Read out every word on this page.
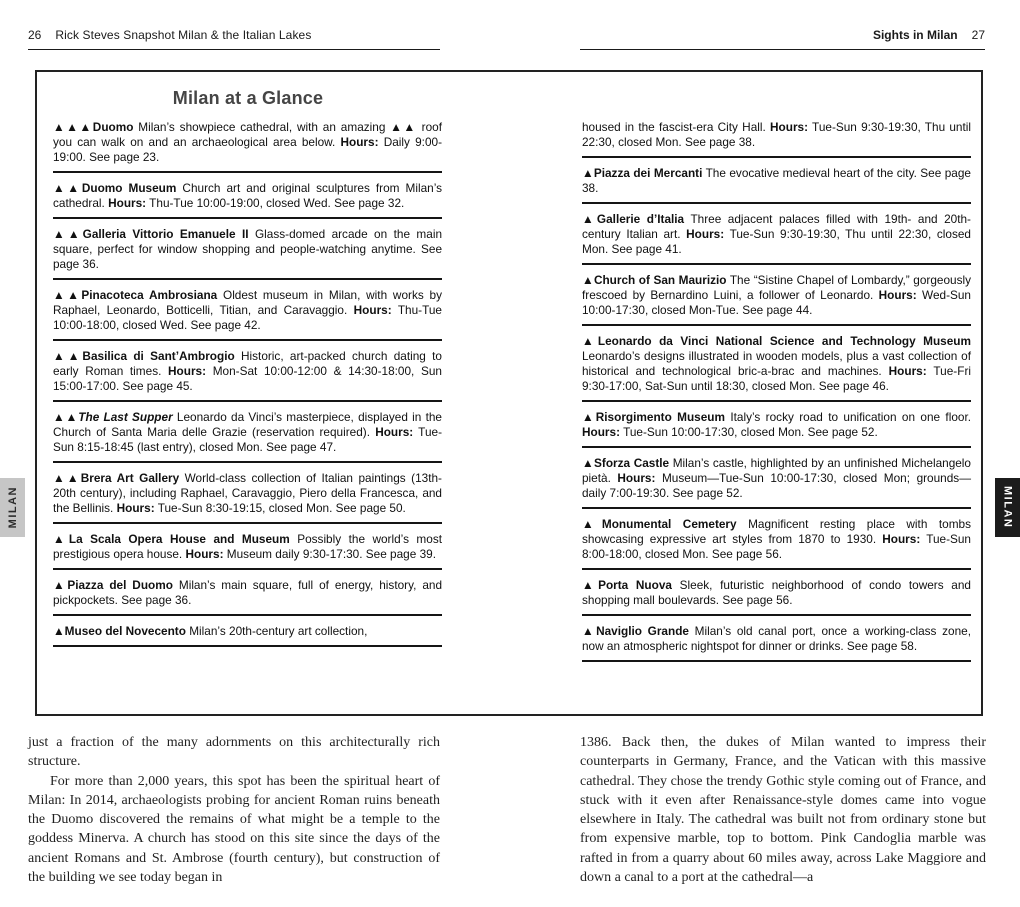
26 Rick Steves Snapshot Milan & the Italian Lakes	Sights in Milan 27
Milan at a Glance
▲▲▲Duomo Milan’s showpiece cathedral, with an amazing ▲▲ roof you can walk on and an archaeological area below. Hours: Daily 9:00-19:00. See page 23.
▲▲Duomo Museum Church art and original sculptures from Milan’s cathedral. Hours: Thu-Tue 10:00-19:00, closed Wed. See page 32.
▲▲Galleria Vittorio Emanuele II Glass-domed arcade on the main square, perfect for window shopping and people-watching anytime. See page 36.
▲▲Pinacoteca Ambrosiana Oldest museum in Milan, with works by Raphael, Leonardo, Botticelli, Titian, and Caravaggio. Hours: Thu-Tue 10:00-18:00, closed Wed. See page 42.
▲▲Basilica di Sant’Ambrogio Historic, art-packed church dating to early Roman times. Hours: Mon-Sat 10:00-12:00 & 14:30-18:00, Sun 15:00-17:00. See page 45.
▲▲The Last Supper Leonardo da Vinci’s masterpiece, displayed in the Church of Santa Maria delle Grazie (reservation required). Hours: Tue-Sun 8:15-18:45 (last entry), closed Mon. See page 47.
▲▲Brera Art Gallery World-class collection of Italian paintings (13th-20th century), including Raphael, Caravaggio, Piero della Francesca, and the Bellinis. Hours: Tue-Sun 8:30-19:15, closed Mon. See page 50.
▲La Scala Opera House and Museum Possibly the world’s most prestigious opera house. Hours: Museum daily 9:30-17:30. See page 39.
▲Piazza del Duomo Milan’s main square, full of energy, history, and pickpockets. See page 36.
▲Museo del Novecento Milan’s 20th-century art collection,
housed in the fascist-era City Hall. Hours: Tue-Sun 9:30-19:30, Thu until 22:30, closed Mon. See page 38.
▲Piazza dei Mercanti The evocative medieval heart of the city. See page 38.
▲Gallerie d’Italia Three adjacent palaces filled with 19th- and 20th-century Italian art. Hours: Tue-Sun 9:30-19:30, Thu until 22:30, closed Mon. See page 41.
▲Church of San Maurizio The “Sistine Chapel of Lombardy,” gorgeously frescoed by Bernardino Luini, a follower of Leonardo. Hours: Wed-Sun 10:00-17:30, closed Mon-Tue. See page 44.
▲Leonardo da Vinci National Science and Technology Museum Leonardo’s designs illustrated in wooden models, plus a vast collection of historical and technological bric-a-brac and machines. Hours: Tue-Fri 9:30-17:00, Sat-Sun until 18:30, closed Mon. See page 46.
▲Risorgimento Museum Italy’s rocky road to unification on one floor. Hours: Tue-Sun 10:00-17:30, closed Mon. See page 52.
▲Sforza Castle Milan’s castle, highlighted by an unfinished Michelangelo pietà. Hours: Museum—Tue-Sun 10:00-17:30, closed Mon; grounds—daily 7:00-19:30. See page 52.
▲Monumental Cemetery Magnificent resting place with tombs showcasing expressive art styles from 1870 to 1930. Hours: Tue-Sun 8:00-18:00, closed Mon. See page 56.
▲Porta Nuova Sleek, futuristic neighborhood of condo towers and shopping mall boulevards. See page 56.
▲Naviglio Grande Milan’s old canal port, once a working-class zone, now an atmospheric nightspot for dinner or drinks. See page 58.

just a fraction of the many adornments on this architecturally rich structure.

For more than 2,000 years, this spot has been the spiritual heart of Milan: In 2014, archaeologists probing for ancient Roman ruins beneath the Duomo discovered the remains of what might be a temple to the goddess Minerva. A church has stood on this site since the days of the ancient Romans and St. Ambrose (fourth century), but construction of the building we see today began in

1386. Back then, the dukes of Milan wanted to impress their counterparts in Germany, France, and the Vatican with this massive cathedral. They chose the trendy Gothic style coming out of France, and stuck with it even after Renaissance-style domes came into vogue elsewhere in Italy. The cathedral was built not from ordinary stone but from expensive marble, top to bottom. Pink Candoglia marble was rafted in from a quarry about 60 miles away, across Lake Maggiore and down a canal to a port at the cathedral—a

MILAN	MILAN
